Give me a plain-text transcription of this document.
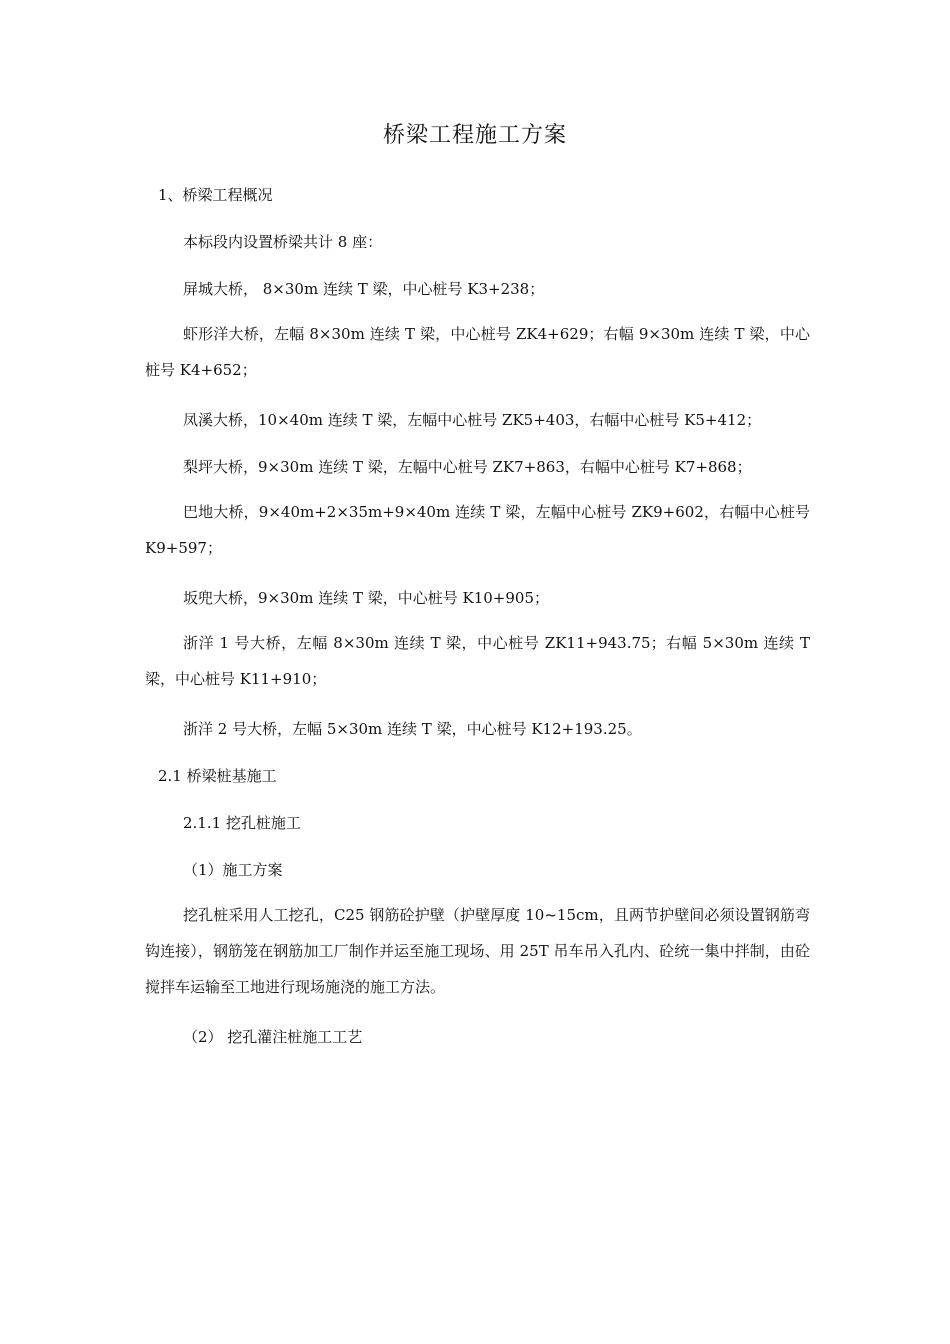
桥梁工程施工方案
1、桥梁工程概况
本标段内设置桥梁共计 8 座：
屏城大桥， 8×30m 连续 T 梁，中心桩号 K3+238；
虾形洋大桥，左幅 8×30m 连续 T 梁，中心桩号 ZK4+629；右幅 9×30m 连续 T 梁，中心桩号 K4+652；
凤溪大桥，10×40m 连续 T 梁，左幅中心桩号 ZK5+403，右幅中心桩号 K5+412；
梨坪大桥，9×30m 连续 T 梁，左幅中心桩号 ZK7+863，右幅中心桩号 K7+868；
巴地大桥，9×40m+2×35m+9×40m 连续 T 梁，左幅中心桩号 ZK9+602，右幅中心桩号 K9+597；
坂兜大桥，9×30m 连续 T 梁，中心桩号 K10+905；
浙洋 1 号大桥，左幅 8×30m 连续 T 梁，中心桩号 ZK11+943.75；右幅 5×30m 连续 T 梁，中心桩号 K11+910；
浙洋 2 号大桥，左幅 5×30m 连续 T 梁，中心桩号 K12+193.25。
2.1 桥梁桩基施工
2.1.1 挖孔桩施工
（1）施工方案
挖孔桩采用人工挖孔，C25 钢筋砼护壁（护壁厚度 10~15cm，且两节护壁间必须设置钢筋弯钩连接），钢筋笼在钢筋加工厂制作并运至施工现场、用 25T 吊车吊入孔内、砼统一集中拌制，由砼搅拌车运输至工地进行现场施浇的施工方法。
（2） 挖孔灌注桩施工工艺
